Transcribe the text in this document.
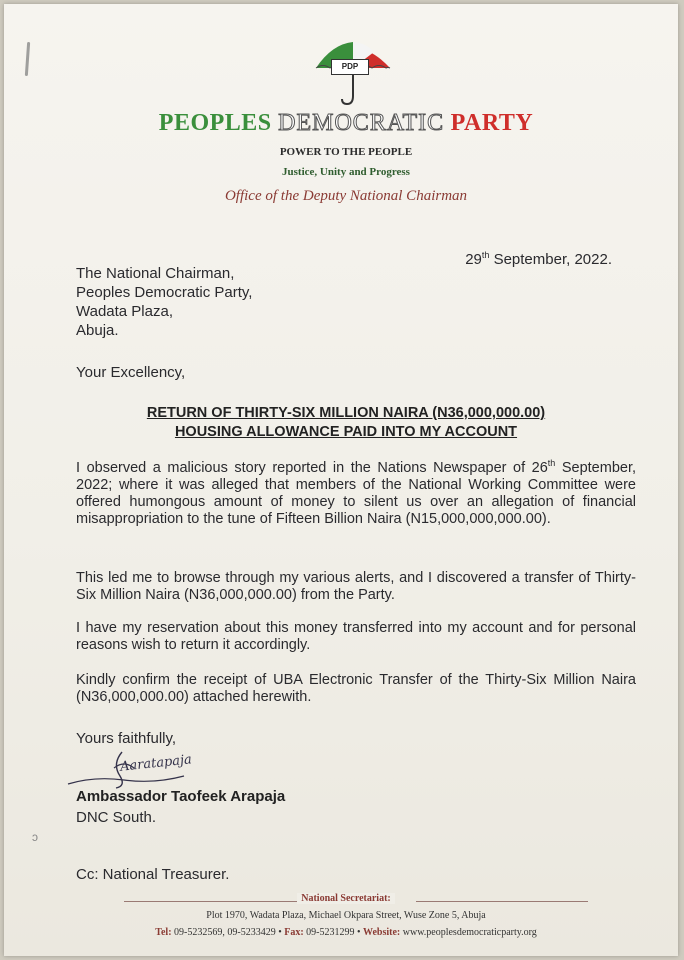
PDP
PEOPLES DEMOCRATIC PARTY
POWER TO THE PEOPLE
Justice, Unity and Progress
Office of the Deputy National Chairman
29th September, 2022.
The National Chairman,
Peoples Democratic Party,
Wadata Plaza,
Abuja.
Your Excellency,
RETURN OF THIRTY-SIX MILLION NAIRA (N36,000,000.00)
HOUSING ALLOWANCE PAID INTO MY ACCOUNT
I observed a malicious story reported in the Nations Newspaper of 26th September, 2022; where it was alleged that members of the National Working Committee were offered humongous amount of money to silent us over an allegation of financial misappropriation to the tune of Fifteen Billion Naira (N15,000,000,000.00).
This led me to browse through my various alerts, and I discovered a transfer of Thirty-Six Million Naira (N36,000,000.00) from the Party.
I have my reservation about this money transferred into my account and for personal reasons wish to return it accordingly.
Kindly confirm the receipt of UBA Electronic Transfer of the Thirty-Six Million Naira (N36,000,000.00) attached herewith.
Yours faithfully,
Aaratapaja
Ambassador Taofeek Arapaja
DNC South.
ↄ
Cc: National Treasurer.
National Secretariat:
Plot 1970, Wadata Plaza, Michael Okpara Street, Wuse Zone 5, Abuja
Tel: 09-5232569, 09-5233429 • Fax: 09-5231299 • Website: www.peoplesdemocraticparty.org
